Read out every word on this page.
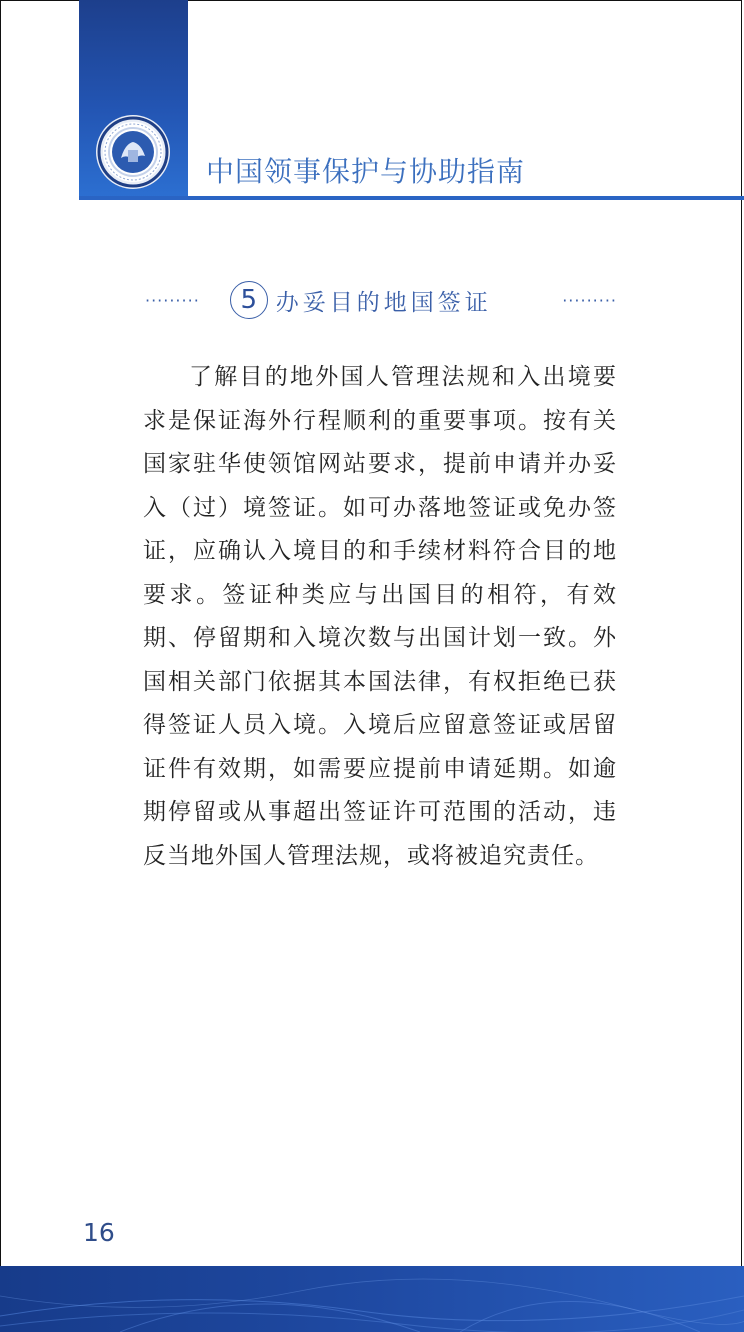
中国领事保护与协助指南
·········	5 办妥目的地国签证	·········

了解目的地外国人管理法规和入出境要求是保证海外行程顺利的重要事项。按有关国家驻华使领馆网站要求，提前申请并办妥入（过）境签证。如可办落地签证或免办签证，应确认入境目的和手续材料符合目的地要求。签证种类应与出国目的相符，有效期、停留期和入境次数与出国计划一致。外国相关部门依据其本国法律，有权拒绝已获得签证人员入境。入境后应留意签证或居留证件有效期，如需要应提前申请延期。如逾期停留或从事超出签证许可范围的活动，违反当地外国人管理法规，或将被追究责任。

16
